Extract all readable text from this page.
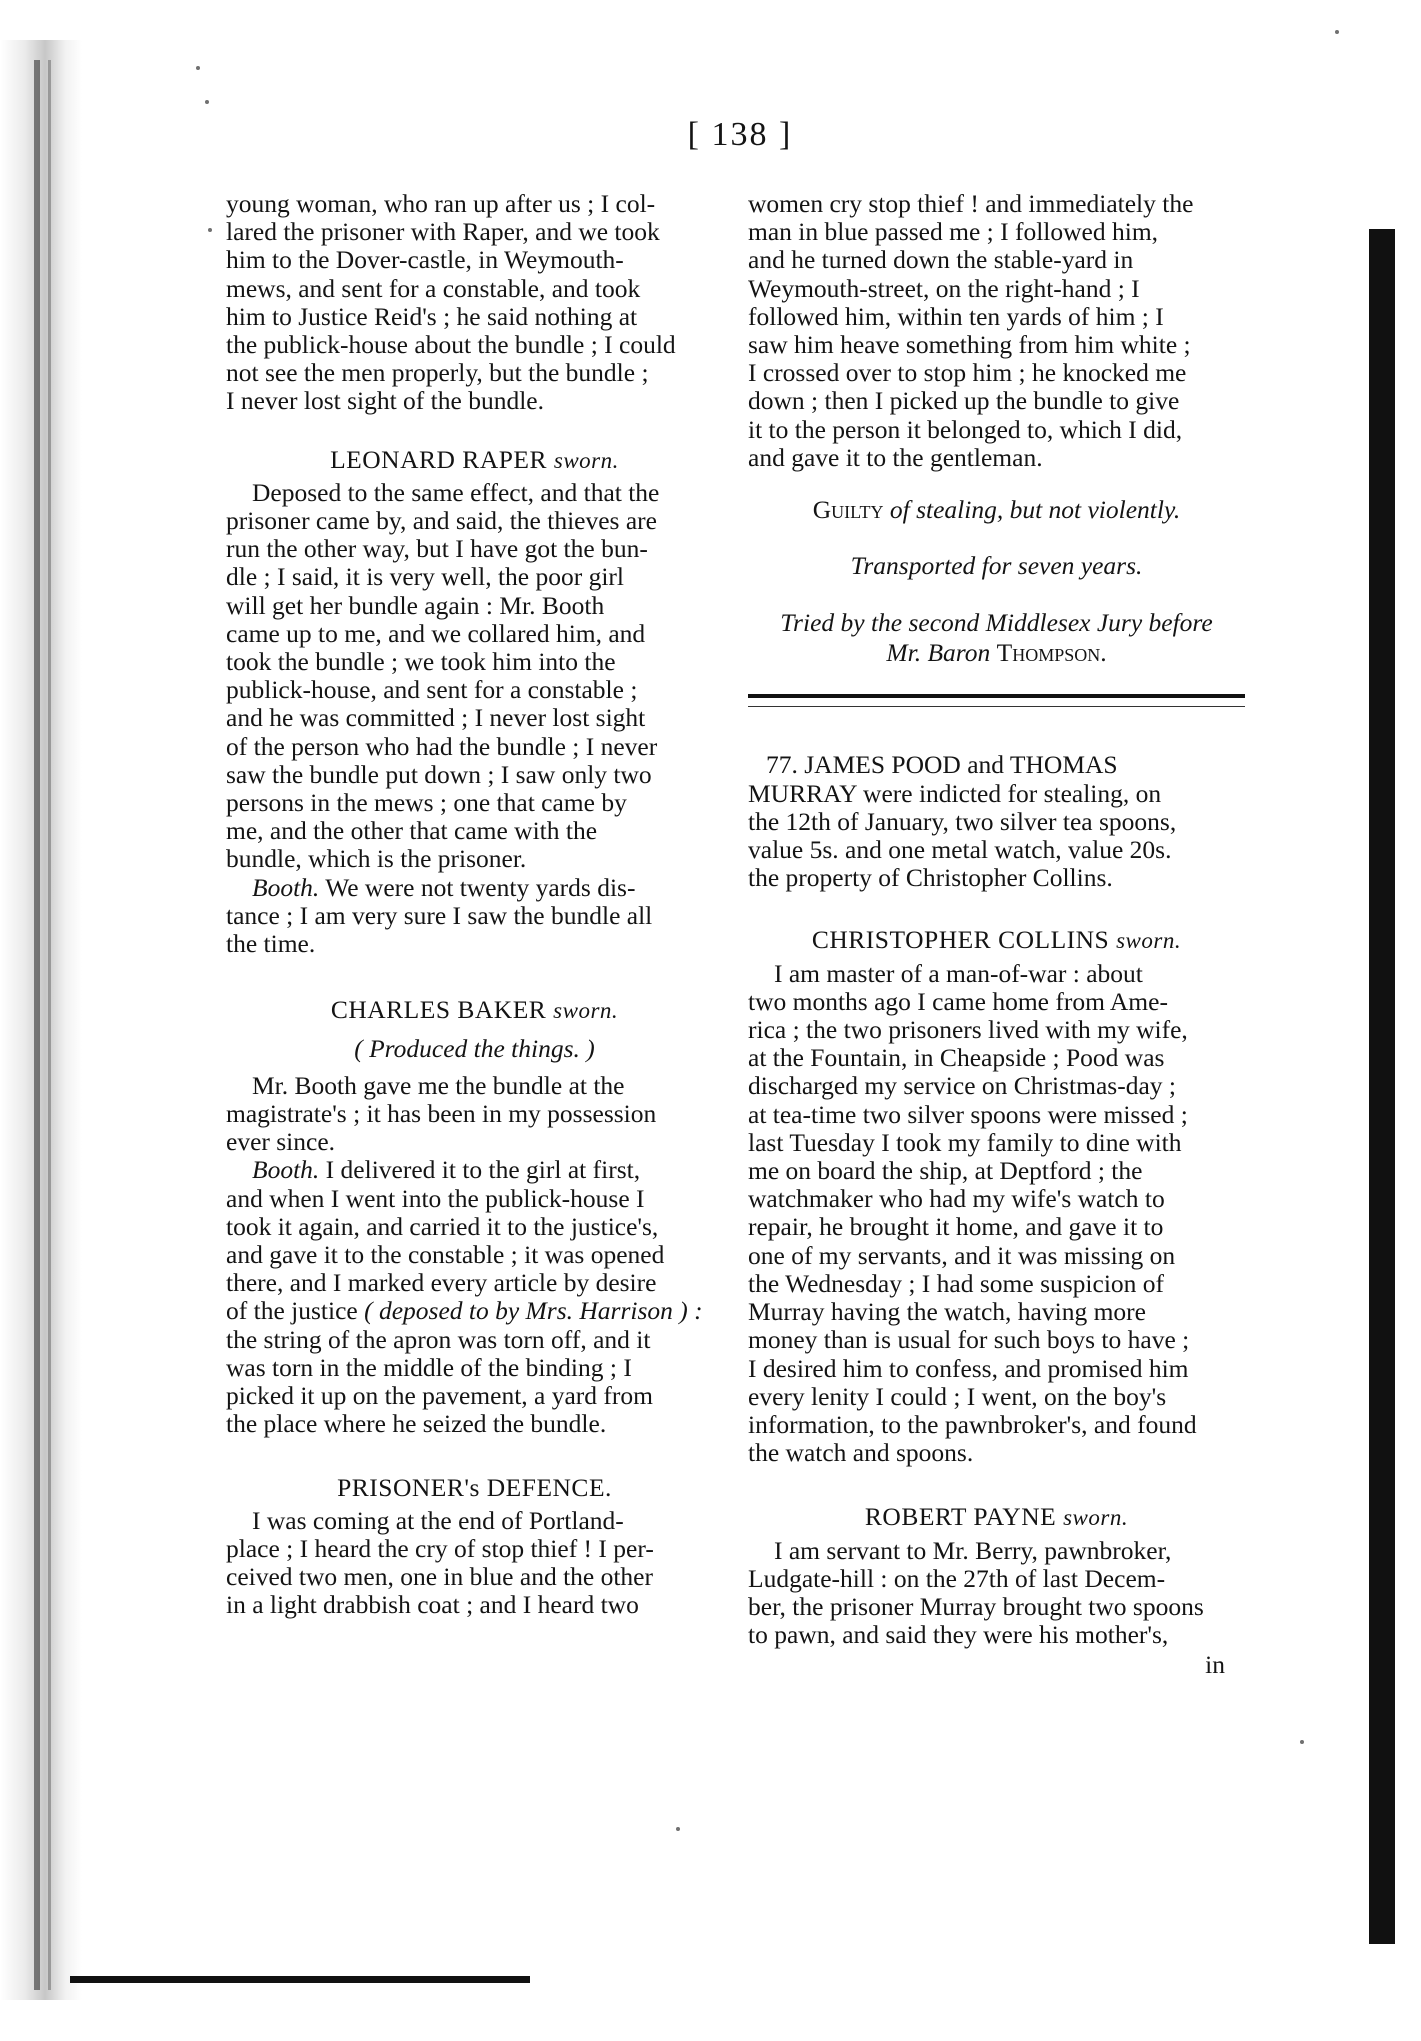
[ 138 ]
young woman, who ran up after us ; I col-
lared the prisoner with Raper, and we took
him to the Dover-castle, in Weymouth-
mews, and sent for a constable, and took
him to Justice Reid's ; he said nothing at
the publick-house about the bundle ; I could
not see the men properly, but the bundle ;
I never lost sight of the bundle.
LEONARD RAPER sworn.
Deposed to the same effect, and that the
prisoner came by, and said, the thieves are
run the other way, but I have got the bun-
dle ; I said, it is very well, the poor girl
will get her bundle again : Mr. Booth
came up to me, and we collared him, and
took the bundle ; we took him into the
publick-house, and sent for a constable ;
and he was committed ; I never lost sight
of the person who had the bundle ; I never
saw the bundle put down ; I saw only two
persons in the mews ; one that came by
me, and the other that came with the
bundle, which is the prisoner.
Booth. We were not twenty yards dis-
tance ; I am very sure I saw the bundle all
the time.
CHARLES BAKER sworn.
( Produced the things. )
Mr. Booth gave me the bundle at the
magistrate's ; it has been in my possession
ever since.
Booth. I delivered it to the girl at first,
and when I went into the publick-house I
took it again, and carried it to the justice's,
and gave it to the constable ; it was opened
there, and I marked every article by desire
of the justice ( deposed to by Mrs. Harrison ) :
the string of the apron was torn off, and it
was torn in the middle of the binding ; I
picked it up on the pavement, a yard from
the place where he seized the bundle.
PRISONER's DEFENCE.
I was coming at the end of Portland-
place ; I heard the cry of stop thief ! I per-
ceived two men, one in blue and the other
in a light drabbish coat ; and I heard two
women cry stop thief ! and immediately the
man in blue passed me ; I followed him,
and he turned down the stable-yard in
Weymouth-street, on the right-hand ; I
followed him, within ten yards of him ; I
saw him heave something from him white ;
I crossed over to stop him ; he knocked me
down ; then I picked up the bundle to give
it to the person it belonged to, which I did,
and gave it to the gentleman.
Guilty of stealing, but not violently.
Transported for seven years.
Tried by the second Middlesex Jury before
Mr. Baron Thompson.
77. JAMES POOD and THOMAS
MURRAY were indicted for stealing, on
the 12th of January, two silver tea spoons,
value 5s. and one metal watch, value 20s.
the property of Christopher Collins.
CHRISTOPHER COLLINS sworn.
I am master of a man-of-war : about
two months ago I came home from Ame-
rica ; the two prisoners lived with my wife,
at the Fountain, in Cheapside ; Pood was
discharged my service on Christmas-day ;
at tea-time two silver spoons were missed ;
last Tuesday I took my family to dine with
me on board the ship, at Deptford ; the
watchmaker who had my wife's watch to
repair, he brought it home, and gave it to
one of my servants, and it was missing on
the Wednesday ; I had some suspicion of
Murray having the watch, having more
money than is usual for such boys to have ;
I desired him to confess, and promised him
every lenity I could ; I went, on the boy's
information, to the pawnbroker's, and found
the watch and spoons.
ROBERT PAYNE sworn.
I am servant to Mr. Berry, pawnbroker,
Ludgate-hill : on the 27th of last Decem-
ber, the prisoner Murray brought two spoons
to pawn, and said they were his mother's,
in
